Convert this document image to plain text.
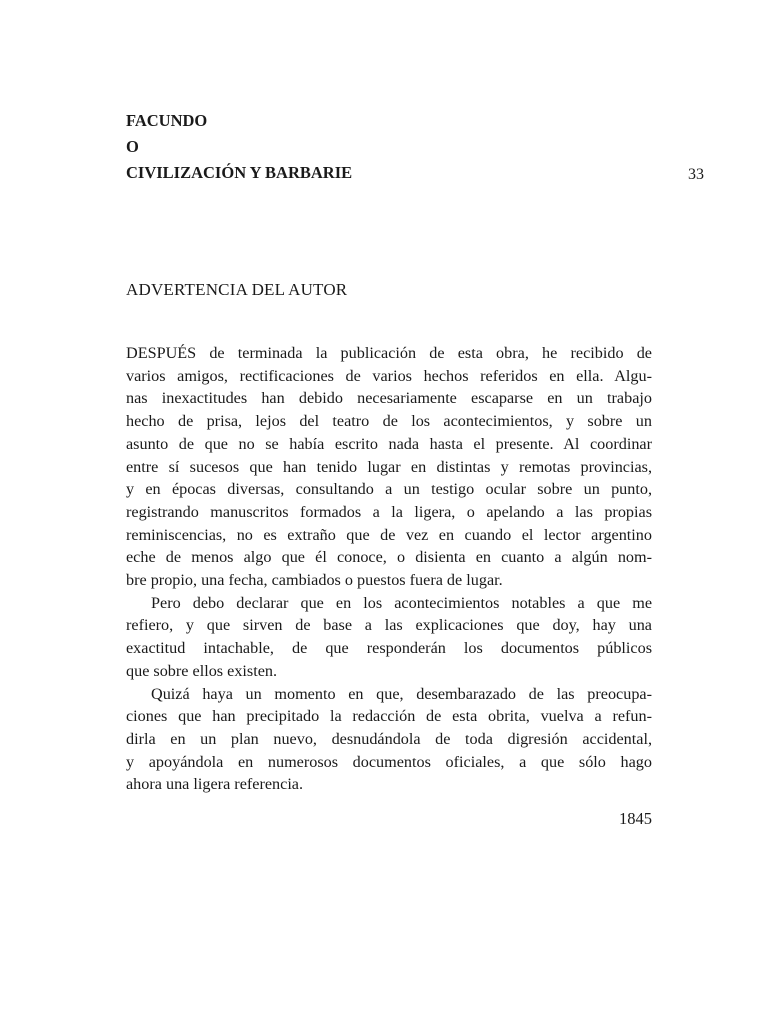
FACUNDO
O
CIVILIZACIÓN Y BARBARIE	33
ADVERTENCIA DEL AUTOR

DESPUÉS de terminada la publicación de esta obra, he recibido de
varios amigos, rectificaciones de varios hechos referidos en ella. Algu-
nas inexactitudes han debido necesariamente escaparse en un trabajo
hecho de prisa, lejos del teatro de los acontecimientos, y sobre un
asunto de que no se había escrito nada hasta el presente. Al coordinar
entre sí sucesos que han tenido lugar en distintas y remotas provincias,
y en épocas diversas, consultando a un testigo ocular sobre un punto,
registrando manuscritos formados a la ligera, o apelando a las propias
reminiscencias, no es extraño que de vez en cuando el lector argentino
eche de menos algo que él conoce, o disienta en cuanto a algún nom-
bre propio, una fecha, cambiados o puestos fuera de lugar.

Pero debo declarar que en los acontecimientos notables a que me
refiero, y que sirven de base a las explicaciones que doy, hay una
exactitud intachable, de que responderán los documentos públicos
que sobre ellos existen.

Quizá haya un momento en que, desembarazado de las preocupa-
ciones que han precipitado la redacción de esta obrita, vuelva a refun-
dirla en un plan nuevo, desnudándola de toda digresión accidental,
y apoyándola en numerosos documentos oficiales, a que sólo hago
ahora una ligera referencia.

1845
